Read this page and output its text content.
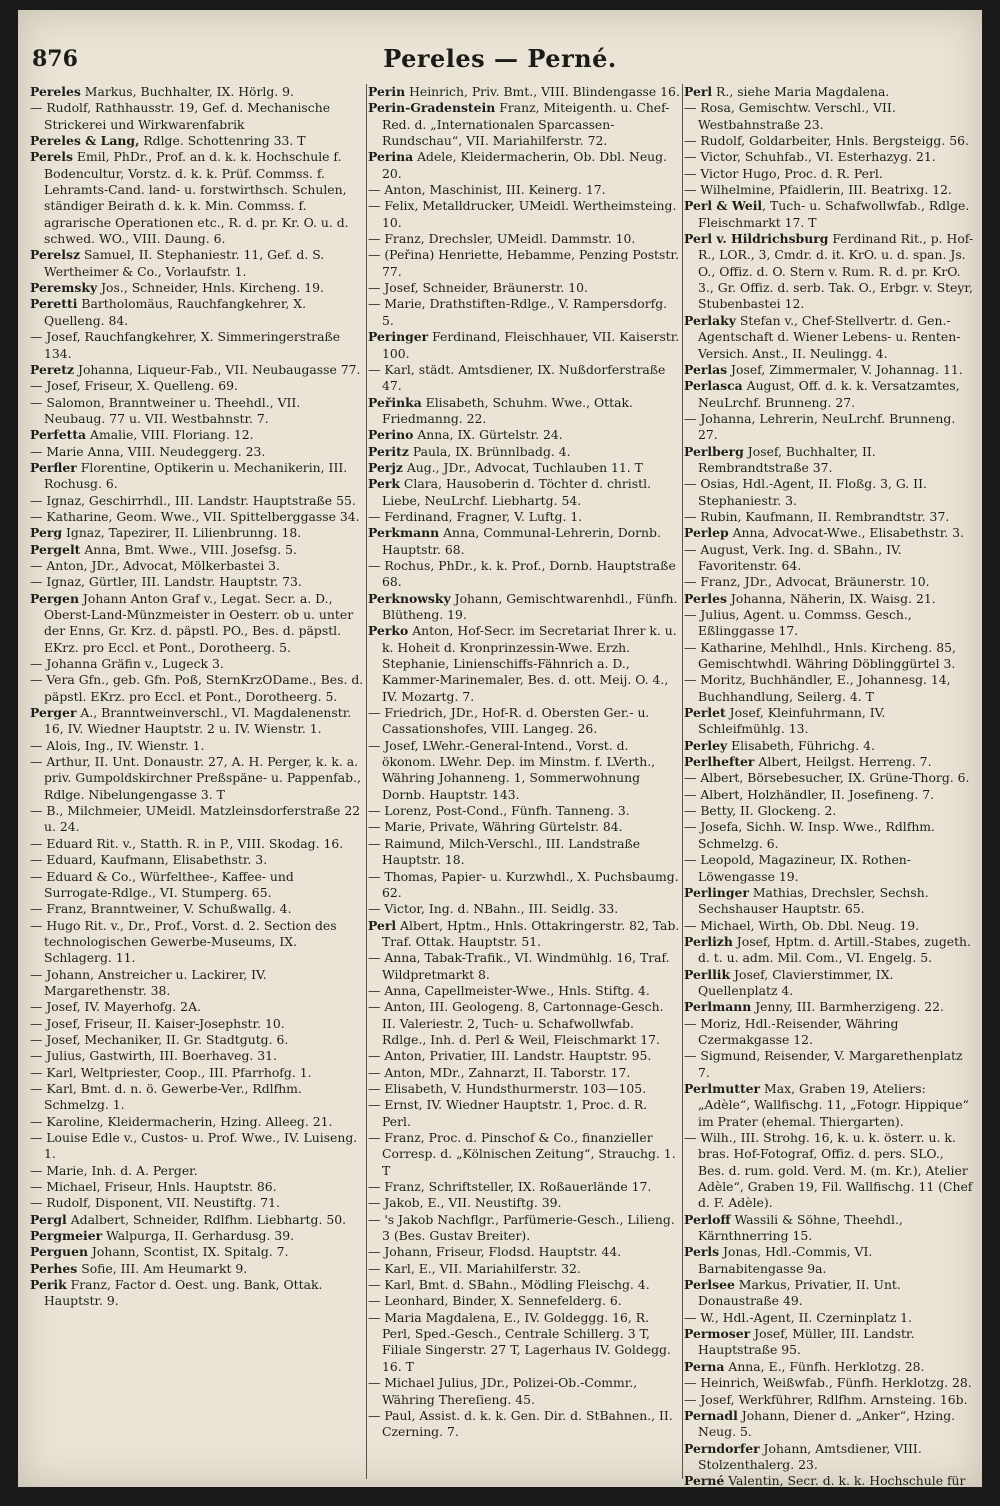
876	Pereles — Perné.

Pereles Markus, Buchhalter, IX. Hörlg. 9.

— Rudolf, Rathhausstr. 19, Gef. d. Mechanische Strickerei und Wirkwarenfabrik

Pereles & Lang, Rdlge. Schottenring 33. T

Perels Emil, PhDr., Prof. an d. k. k. Hochschule f. Bodencultur, Vorstz. d. k. k. Prüf. Commss. f. Lehramts-Cand. land- u. forstwirthsch. Schulen, ständiger Beirath d. k. k. Min. Commss. f. agrarische Operationen etc., R. d. pr. Kr. O. u. d. schwed. WO., VIII. Daung. 6.

Perelsz Samuel, II. Stephaniestr. 11, Gef. d. S. Wertheimer & Co., Vorlaufstr. 1.

Peremsky Jos., Schneider, Hnls. Kircheng. 19.

Peretti Bartholomäus, Rauchfangkehrer, X. Quelleng. 84.

— Josef, Rauchfangkehrer, X. Simmeringerstraße 134.

Peretz Johanna, Liqueur-Fab., VII. Neubaugasse 77.

— Josef, Friseur, X. Quelleng. 69.

— Salomon, Branntweiner u. Theehdl., VII. Neubaug. 77 u. VII. Westbahnstr. 7.

Perfetta Amalie, VIII. Floriang. 12.

— Marie Anna, VIII. Neudeggerg. 23.

Perfler Florentine, Optikerin u. Mechanikerin, III. Rochusg. 6.

— Ignaz, Geschirrhdl., III. Landstr. Hauptstraße 55.

— Katharine, Geom. Wwe., VII. Spittelberggasse 34.

Perg Ignaz, Tapezirer, II. Lilienbrunng. 18.

Pergelt Anna, Bmt. Wwe., VIII. Josefsg. 5.

— Anton, JDr., Advocat, Mölkerbastei 3.

— Ignaz, Gürtler, III. Landstr. Hauptstr. 73.

Pergen Johann Anton Graf v., Legat. Secr. a. D., Oberst-Land-Münzmeister in Oesterr. ob u. unter der Enns, Gr. Krz. d. päpstl. PO., Bes. d. päpstl. EKrz. pro Eccl. et Pont., Dorotheerg. 5.

— Johanna Gräfin v., Lugeck 3.

— Vera Gfn., geb. Gfn. Poß, SternKrzODame., Bes. d. päpstl. EKrz. pro Eccl. et Pont., Dorotheerg. 5.

Perger A., Branntweinverschl., VI. Magdalenenstr. 16, IV. Wiedner Hauptstr. 2 u. IV. Wienstr. 1.

— Alois, Ing., IV. Wienstr. 1.

— Arthur, II. Unt. Donaustr. 27, A. H. Perger, k. k. a. priv. Gumpoldskirchner Preßspäne- u. Pappenfab., Rdlge. Nibelungengasse 3. T

— B., Milchmeier, UMeidl. Matzleinsdorferstraße 22 u. 24.

— Eduard Rit. v., Statth. R. in P., VIII. Skodag. 16.

— Eduard, Kaufmann, Elisabethstr. 3.

— Eduard & Co., Würfelthee-, Kaffee- und Surrogate-Rdlge., VI. Stumperg. 65.

— Franz, Branntweiner, V. Schußwallg. 4.

— Hugo Rit. v., Dr., Prof., Vorst. d. 2. Section des technologischen Gewerbe-Museums, IX. Schlagerg. 11.

— Johann, Anstreicher u. Lackirer, IV. Margarethenstr. 38.

— Josef, IV. Mayerhofg. 2A.

— Josef, Friseur, II. Kaiser-Josephstr. 10.

— Josef, Mechaniker, II. Gr. Stadtgutg. 6.

— Julius, Gastwirth, III. Boerhaveg. 31.

— Karl, Weltpriester, Coop., III. Pfarrhofg. 1.

— Karl, Bmt. d. n. ö. Gewerbe-Ver., Rdlfhm. Schmelzg. 1.

— Karoline, Kleidermacherin, Hzing. Alleeg. 21.

— Louise Edle v., Custos- u. Prof. Wwe., IV. Luiseng. 1.

— Marie, Inh. d. A. Perger.

— Michael, Friseur, Hnls. Hauptstr. 86.

— Rudolf, Disponent, VII. Neustiftg. 71.

Pergl Adalbert, Schneider, Rdlfhm. Liebhartg. 50.

Pergmeier Walpurga, II. Gerhardusg. 39.

Perguen Johann, Scontist, IX. Spitalg. 7.

Perhes Sofie, III. Am Heumarkt 9.

Perik Franz, Factor d. Oest. ung. Bank, Ottak. Hauptstr. 9.

Perin Heinrich, Priv. Bmt., VIII. Blindengasse 16.

Perin-Gradenstein Franz, Miteigenth. u. Chef-Red. d. „Internationalen Sparcassen-Rundschau“, VII. Mariahilferstr. 72.

Perina Adele, Kleidermacherin, Ob. Dbl. Neug. 20.

— Anton, Maschinist, III. Keinerg. 17.

— Felix, Metalldrucker, UMeidl. Wertheimsteing. 10.

— Franz, Drechsler, UMeidl. Dammstr. 10.

— (Peřina) Henriette, Hebamme, Penzing Poststr. 77.

— Josef, Schneider, Bräunerstr. 10.

— Marie, Drathstiften-Rdlge., V. Rampersdorfg. 5.

Peringer Ferdinand, Fleischhauer, VII. Kaiserstr. 100.

— Karl, städt. Amtsdiener, IX. Nußdorferstraße 47.

Peřinka Elisabeth, Schuhm. Wwe., Ottak. Friedmanng. 22.

Perino Anna, IX. Gürtelstr. 24.

Peritz Paula, IX. Brünnlbadg. 4.

Perjz Aug., JDr., Advocat, Tuchlauben 11. T

Perk Clara, Hausoberin d. Töchter d. christl. Liebe, NeuLrchf. Liebhartg. 54.

— Ferdinand, Fragner, V. Luftg. 1.

Perkmann Anna, Communal-Lehrerin, Dornb. Hauptstr. 68.

— Rochus, PhDr., k. k. Prof., Dornb. Hauptstraße 68.

Perknowsky Johann, Gemischtwarenhdl., Fünfh. Blütheng. 19.

Perko Anton, Hof-Secr. im Secretariat Ihrer k. u. k. Hoheit d. Kronprinzessin-Wwe. Erzh. Stephanie, Linienschiffs-Fähnrich a. D., Kammer-Marinemaler, Bes. d. ott. Meij. O. 4., IV. Mozartg. 7.

— Friedrich, JDr., Hof-R. d. Obersten Ger.- u. Cassationshofes, VIII. Langeg. 26.

— Josef, LWehr.-General-Intend., Vorst. d. ökonom. LWehr. Dep. im Minstm. f. LVerth., Währing Johanneng. 1, Sommerwohnung Dornb. Hauptstr. 143.

— Lorenz, Post-Cond., Fünfh. Tanneng. 3.

— Marie, Private, Währing Gürtelstr. 84.

— Raimund, Milch-Verschl., III. Landstraße Hauptstr. 18.

— Thomas, Papier- u. Kurzwhdl., X. Puchsbaumg. 62.

— Victor, Ing. d. NBahn., III. Seidlg. 33.

Perl Albert, Hptm., Hnls. Ottakringerstr. 82, Tab. Traf. Ottak. Hauptstr. 51.

— Anna, Tabak-Trafik., VI. Windmühlg. 16, Traf. Wildpretmarkt 8.

— Anna, Capellmeister-Wwe., Hnls. Stiftg. 4.

— Anton, III. Geologeng. 8, Cartonnage-Gesch. II. Valeriestr. 2, Tuch- u. Schafwollwfab. Rdlge., Inh. d. Perl & Weil, Fleischmarkt 17.

— Anton, Privatier, III. Landstr. Hauptstr. 95.

— Anton, MDr., Zahnarzt, II. Taborstr. 17.

— Elisabeth, V. Hundsthurmerstr. 103—105.

— Ernst, IV. Wiedner Hauptstr. 1, Proc. d. R. Perl.

— Franz, Proc. d. Pinschof & Co., finanzieller Corresp. d. „Kölnischen Zeitung“, Strauchg. 1. T

— Franz, Schriftsteller, IX. Roßauerlände 17.

— Jakob, E., VII. Neustiftg. 39.

— 's Jakob Nachflgr., Parfümerie-Gesch., Lilieng. 3 (Bes. Gustav Breiter).

— Johann, Friseur, Flodsd. Hauptstr. 44.

— Karl, E., VII. Mariahilferstr. 32.

— Karl, Bmt. d. SBahn., Mödling Fleischg. 4.

— Leonhard, Binder, X. Sennefelderg. 6.

— Maria Magdalena, E., IV. Goldeggg. 16, R. Perl, Sped.-Gesch., Centrale Schillerg. 3 T, Filiale Singerstr. 27 T, Lagerhaus IV. Goldegg. 16. T

— Michael Julius, JDr., Polizei-Ob.-Commr., Währing Thereſieng. 45.

— Paul, Assist. d. k. k. Gen. Dir. d. StBahnen., II. Czerning. 7.

Perl R., siehe Maria Magdalena.

— Rosa, Gemischtw. Verschl., VII. Westbahnstraße 23.

— Rudolf, Goldarbeiter, Hnls. Bergsteigg. 56.

— Victor, Schuhfab., VI. Esterhazyg. 21.

— Victor Hugo, Proc. d. R. Perl.

— Wilhelmine, Pfaidlerin, III. Beatrixg. 12.

Perl & Weil, Tuch- u. Schafwollwfab., Rdlge. Fleischmarkt 17. T

Perl v. Hildrichsburg Ferdinand Rit., p. Hof-R., LOR., 3, Cmdr. d. it. KrO. u. d. span. Js. O., Offiz. d. O. Stern v. Rum. R. d. pr. KrO. 3., Gr. Offiz. d. serb. Tak. O., Erbgr. v. Steyr, Stubenbastei 12.

Perlaky Stefan v., Chef-Stellvertr. d. Gen.-Agentschaft d. Wiener Lebens- u. Renten-Versich. Anst., II. Neulingg. 4.

Perlas Josef, Zimmermaler, V. Johannag. 11.

Perlasca August, Off. d. k. k. Versatzamtes, NeuLrchf. Brunneng. 27.

— Johanna, Lehrerin, NeuLrchf. Brunneng. 27.

Perlberg Josef, Buchhalter, II. Rembrandtstraße 37.

— Osias, Hdl.-Agent, II. Floßg. 3, G. II. Stephaniestr. 3.

— Rubin, Kaufmann, II. Rembrandtstr. 37.

Perlep Anna, Advocat-Wwe., Elisabethstr. 3.

— August, Verk. Ing. d. SBahn., IV. Favoritenstr. 64.

— Franz, JDr., Advocat, Bräunerstr. 10.

Perles Johanna, Näherin, IX. Waisg. 21.

— Julius, Agent. u. Commss. Gesch., Eßlinggasse 17.

— Katharine, Mehlhdl., Hnls. Kircheng. 85, Gemischtwhdl. Währing Döblinggürtel 3.

— Moritz, Buchhändler, E., Johannesg. 14, Buchhandlung, Seilerg. 4. T

Perlet Josef, Kleinfuhrmann, IV. Schleifmühlg. 13.

Perley Elisabeth, Führichg. 4.

Perlhefter Albert, Heilgst. Herreng. 7.

— Albert, Börsebesucher, IX. Grüne-Thorg. 6.

— Albert, Holzhändler, II. Josefineng. 7.

— Betty, II. Glockeng. 2.

— Josefa, Sichh. W. Insp. Wwe., Rdlfhm. Schmelzg. 6.

— Leopold, Magazineur, IX. Rothen-Löwengasse 19.

Perlinger Mathias, Drechsler, Sechsh. Sechshauser Hauptstr. 65.

— Michael, Wirth, Ob. Dbl. Neug. 19.

Perlizh Josef, Hptm. d. Artill.-Stabes, zugeth. d. t. u. adm. Mil. Com., VI. Engelg. 5.

Perllik Josef, Clavierstimmer, IX. Quellenplatz 4.

Perlmann Jenny, III. Barmherzigeng. 22.

— Moriz, Hdl.-Reisender, Währing Czermakgasse 12.

— Sigmund, Reisender, V. Margarethenplatz 7.

Perlmutter Max, Graben 19, Ateliers: „Adèle“, Wallfischg. 11, „Fotogr. Hippique“ im Prater (ehemal. Thiergarten).

— Wilh., III. Strohg. 16, k. u. k. österr. u. k. bras. Hof-Fotograf, Offiz. d. pers. SLO., Bes. d. rum. gold. Verd. M. (m. Kr.), Atelier Adèle“, Graben 19, Fil. Wallfischg. 11 (Chef d. F. Adèle).

Perloff Wassili & Söhne, Theehdl., Kärnthnerring 15.

Perls Jonas, Hdl.-Commis, VI. Barnabitengasse 9a.

Perlsee Markus, Privatier, II. Unt. Donaustraße 49.

— W., Hdl.-Agent, II. Czerninplatz 1.

Permoser Josef, Müller, III. Landstr. Hauptstraße 95.

Perna Anna, E., Fünfh. Herklotzg. 28.

— Heinrich, Weißwfab., Fünfh. Herklotzg. 28.

— Josef, Werkführer, Rdlfhm. Arnsteing. 16b.

Pernadl Johann, Diener d. „Anker“, Hzing. Neug. 5.

Perndorfer Johann, Amtsdiener, VIII. Stolzenthalerg. 23.

Perné Valentin, Secr. d. k. k. Hochschule für Bodencultur, VIII. Schlösselg. 22.
